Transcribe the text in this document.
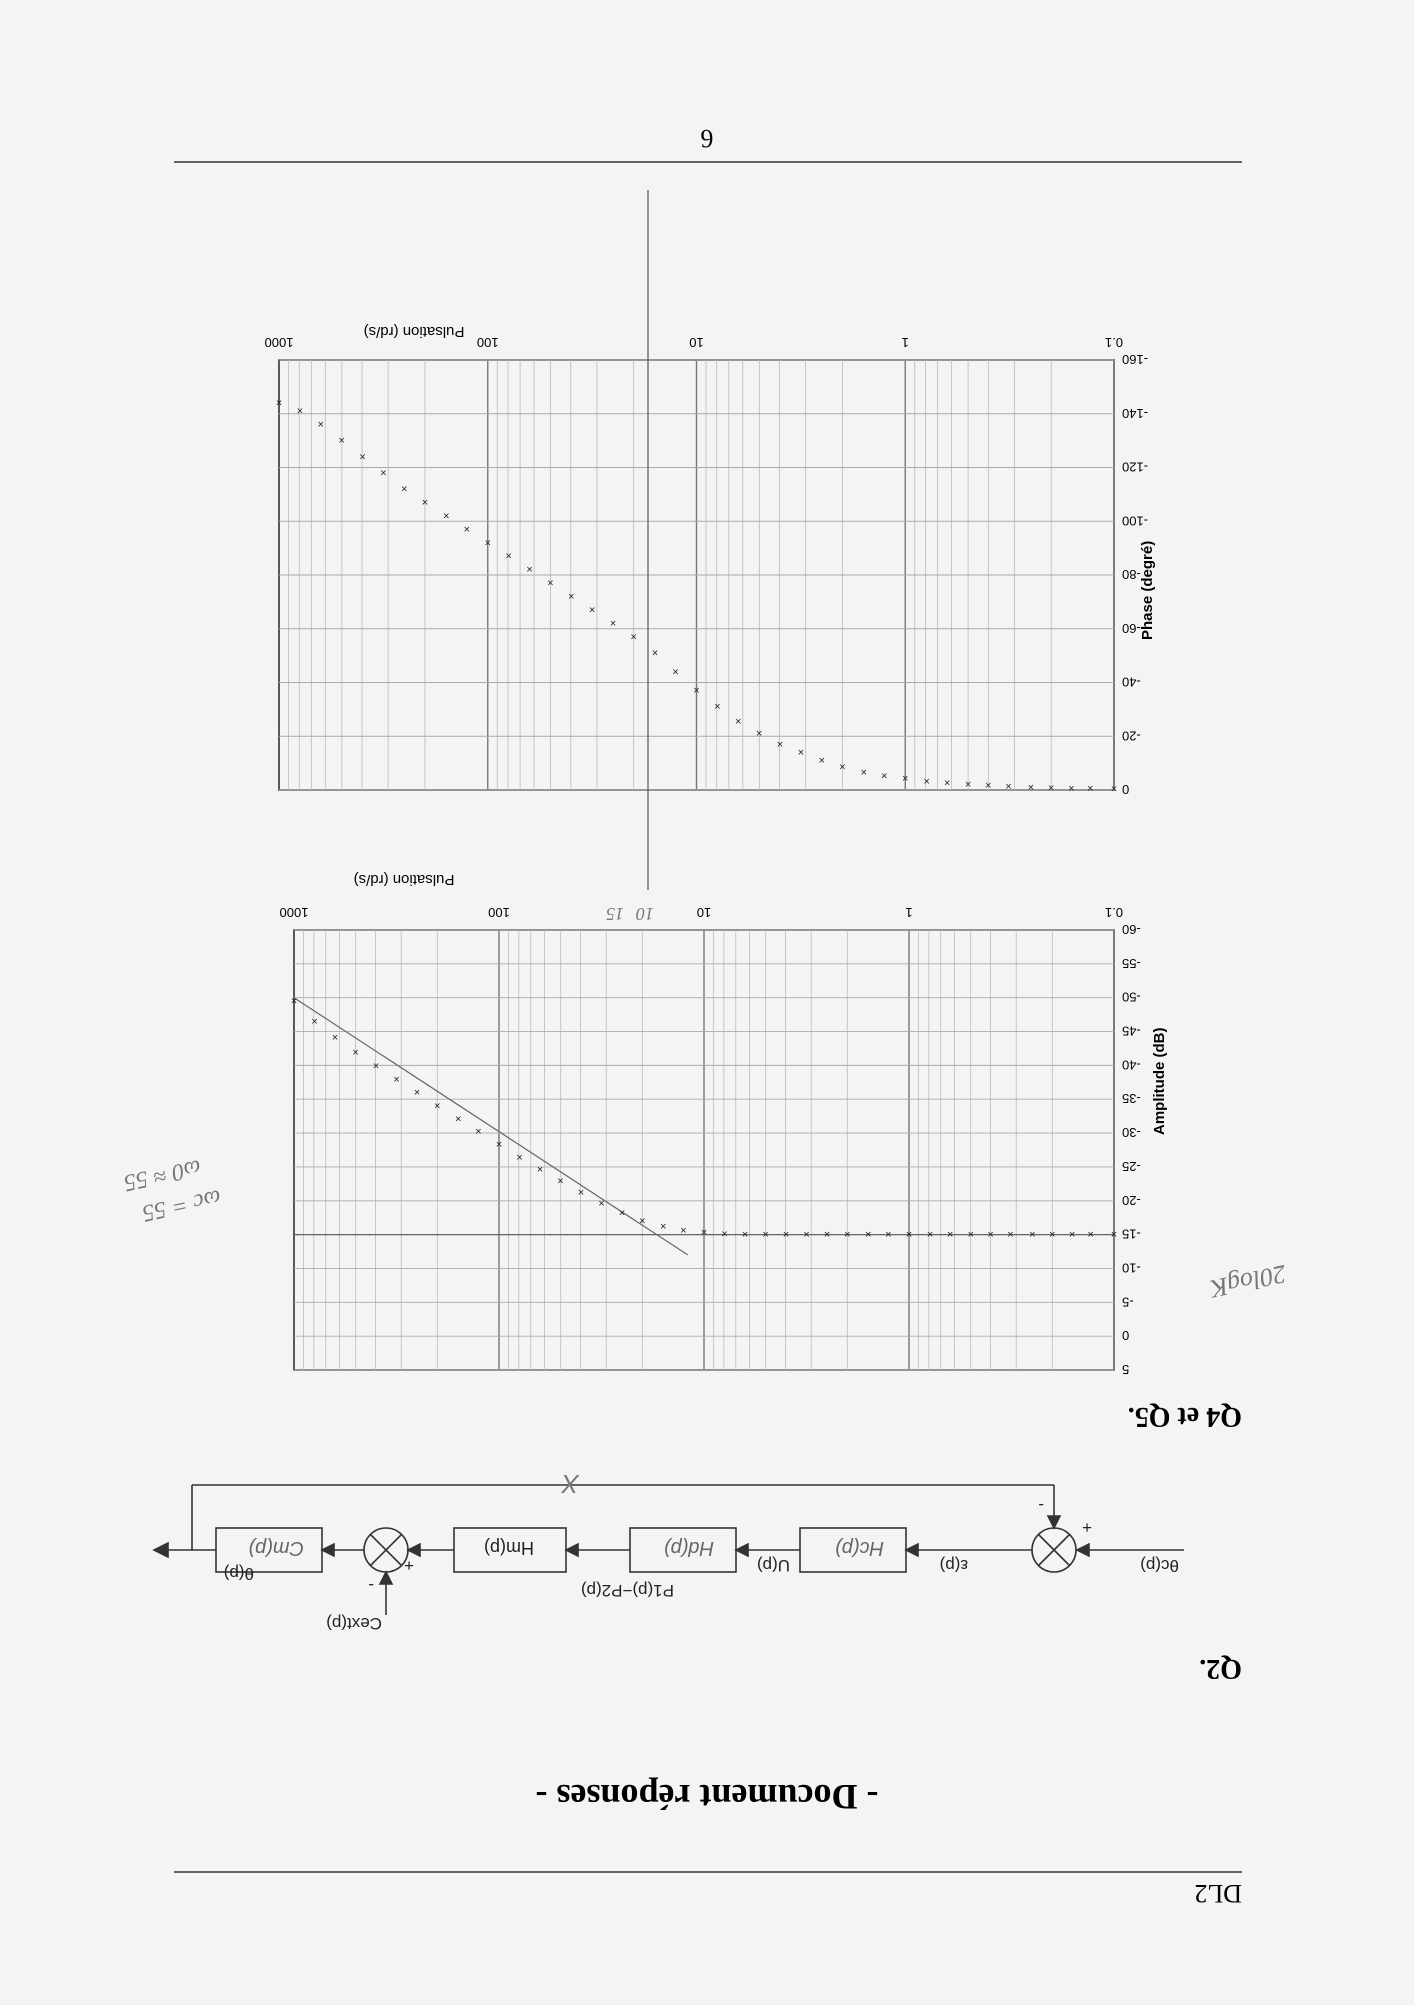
DL2
- Document réponses -
Q2.
θc(p)
+
-
ε(p)
Hc(p)
U(p)
Hd(p)
P1(p)−P2(p)
Hm(p)
+
-
Cext(p)
Cm(p)
θ(p)
X
Q4 et Q5.
×
×
×
×
×
×
×
×
×
×
×
×
×
×
×
×
×
×
×
×
×
×
×
×
×
×
×
×
×
×
×
×
×
×
×
×
×
×
×
×
×
5
0
-5
-10
-15
-20
-25
-30
-35
-40
-45
-50
-55
-60
0.1
1
10
100
1000
Amplitude (dB)
Pulsation (rd/s)
×
×
×
×
×
×
×
×
×
×
×
×
×
×
×
×
×
×
×
×
×
×
×
×
×
×
×
×
×
×
×
×
×
×
×
×
×
×
×
×
×
0
-20
-40
-60
-80
-100
-120
-140
-160
0.1
1
10
100
1000
Phase (degré)
Pulsation (rd/s)
20logK
ωc = 55
ω0 ≈ 55
10
15
6
